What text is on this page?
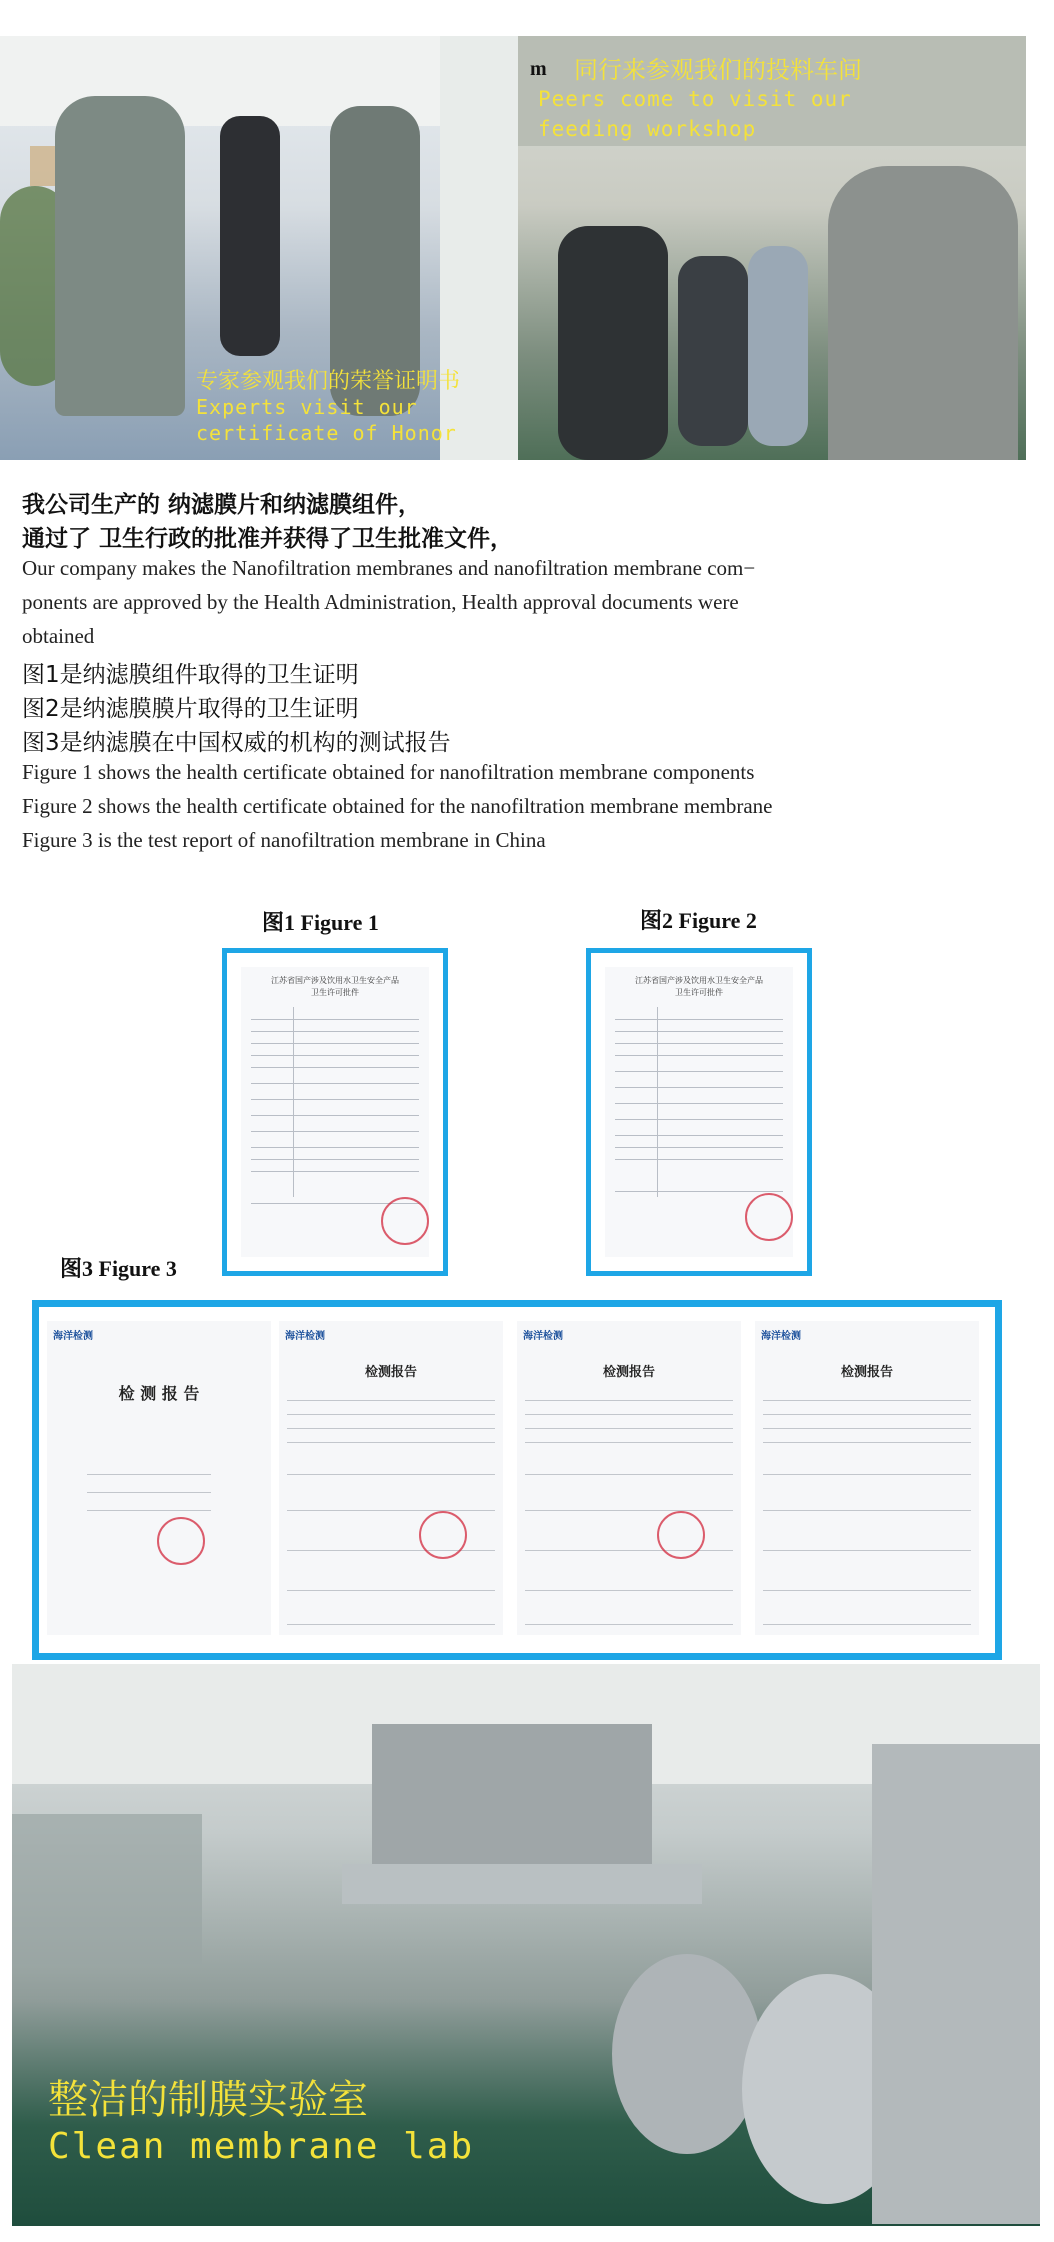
专家参观我们的荣誉证明书
Experts visit our
certificate of Honor
m 同行来参观我们的投料车间
Peers come to visit our
feeding workshop
我公司生产的 纳滤膜片和纳滤膜组件，
通过了 卫生行政的批准并获得了卫生批准文件，
Our company makes the Nanofiltration membranes and nanofiltration membrane com−
ponents are approved by the Health Administration, Health approval documents were
obtained
图1是纳滤膜组件取得的卫生证明
图2是纳滤膜膜片取得的卫生证明
图3是纳滤膜在中国权威的机构的测试报告
Figure 1 shows the health certificate obtained for nanofiltration membrane components
Figure 2 shows the health certificate obtained for the nanofiltration membrane membrane
Figure 3 is the test report of nanofiltration membrane in China
图1 Figure 1
江苏省国产涉及饮用水卫生安全产品
卫生许可批件
图2 Figure 2
江苏省国产涉及饮用水卫生安全产品
卫生许可批件
图3 Figure 3
海洋检测
检 测 报 告
海洋检测
检测报告
海洋检测
检测报告
海洋检测
检测报告
整洁的制膜实验室
Clean membrane lab
